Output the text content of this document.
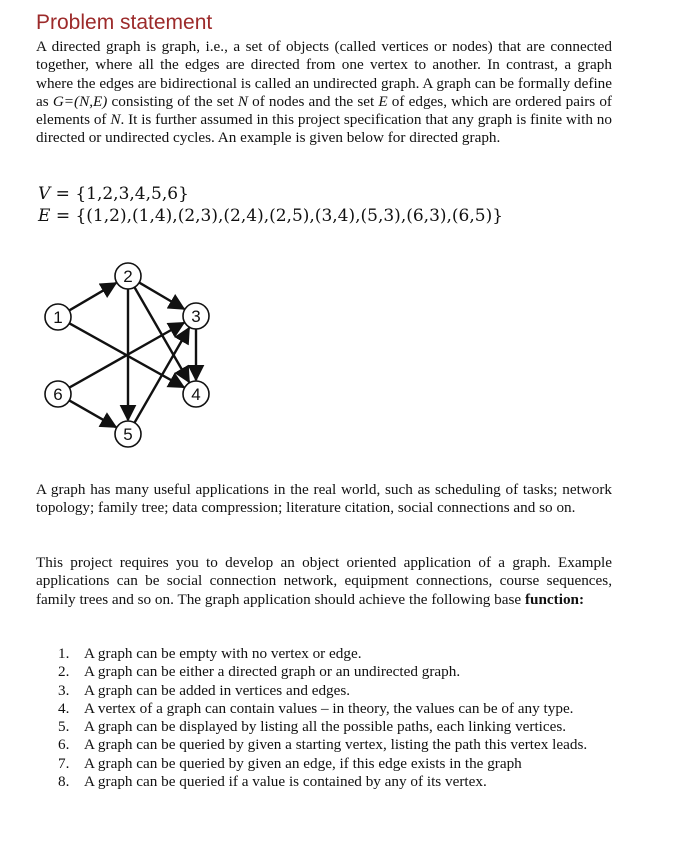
Problem statement

A directed graph is graph, i.e., a set of objects (called vertices or nodes) that are connected together, where all the edges are directed from one vertex to another. In contrast, a graph where the edges are bidirectional is called an undirected graph. A graph can be formally define as G=(N,E) consisting of the set N of nodes and the set E of edges, which are ordered pairs of elements of N. It is further assumed in this project specification that any graph is finite with no directed or undirected cycles. An example is given below for directed graph.

V = {1,2,3,4,5,6}
E = {(1,2),(1,4),(2,3),(2,4),(2,5),(3,4),(5,3),(6,3),(6,5)}
1
2
3
4
5
6

A graph has many useful applications in the real world, such as scheduling of tasks; network topology; family tree; data compression; literature citation, social connections and so on.

This project requires you to develop an object oriented application of a graph. Example applications can be social connection network, equipment connections, course sequences, family trees and so on. The graph application should achieve the following base function:

1. A graph can be empty with no vertex or edge.
2. A graph can be either a directed graph or an undirected graph.
3. A graph can be added in vertices and edges.
4. A vertex of a graph can contain values – in theory, the values can be of any type.
5. A graph can be displayed by listing all the possible paths, each linking vertices.
6. A graph can be queried by given a starting vertex, listing the path this vertex leads.
7. A graph can be queried by given an edge, if this edge exists in the graph
8. A graph can be queried if a value is contained by any of its vertex.
